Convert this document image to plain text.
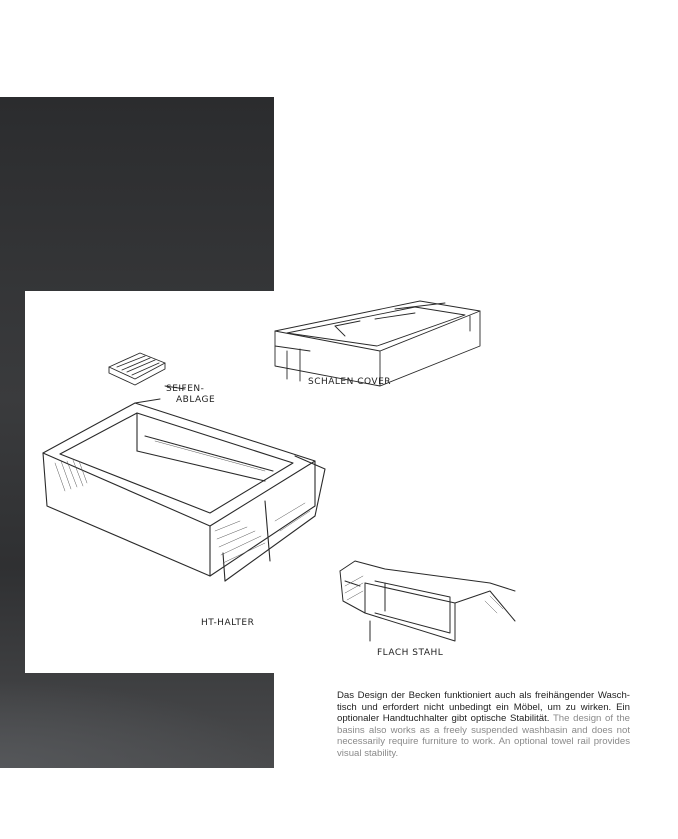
SCHALEN COVER
SEIFEN- ABLAGE
HT-HALTER
FLACH STAHL
Das Design der Becken funktioniert auch als freihängender Wasch-tisch und erfordert nicht unbedingt ein Möbel, um zu wirken. Ein optionaler Handtuchhalter gibt optische Stabilität. The design of the basins also works as a freely suspended washbasin and does not necessarily require furniture to work. An optional towel rail provides visual stability.
